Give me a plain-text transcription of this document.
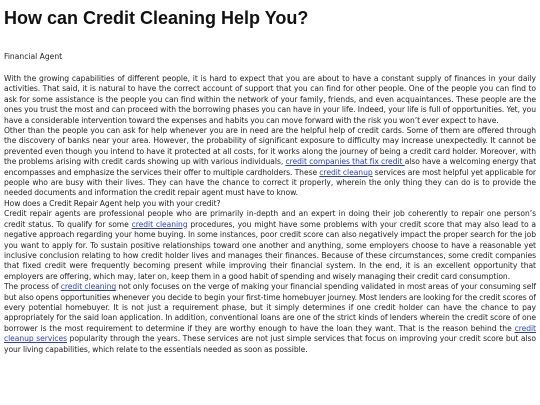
How can Credit Cleaning Help You?
Financial Agent

With the growing capabilities of different people, it is hard to expect that you are about to have a constant supply of finances in your daily activities. That said, it is natural to have the correct account of support that you can find for other people. One of the people you can find to ask for some assistance is the people you can find within the network of your family, friends, and even acquaintances. These people are the ones you trust the most and can proceed with the borrowing phases you can have in your life. Indeed, your life is full of opportunities. Yet, you have a considerable intervention toward the expenses and habits you can move forward with the risk you won’t ever expect to have.

Other than the people you can ask for help whenever you are in need are the helpful help of credit cards. Some of them are offered through the discovery of banks near your area. However, the probability of significant exposure to difficulty may increase unexpectedly. It cannot be prevented even though you intend to have it protected at all costs, for it works along the journey of being a credit card holder. Moreover, with the problems arising with credit cards showing up with various individuals, credit companies that fix credit also have a welcoming energy that encompasses and emphasize the services their offer to multiple cardholders. These credit cleanup services are most helpful yet applicable for people who are busy with their lives. They can have the chance to correct it properly, wherein the only thing they can do is to provide the needed documents and information the credit repair agent must have to know.

How does a Credit Repair Agent help you with your credit?

Credit repair agents are professional people who are primarily in-depth and an expert in doing their job coherently to repair one person’s credit status. To qualify for some credit cleaning procedures, you might have some problems with your credit score that may also lead to a negative approach regarding your home buying. In some instances, poor credit score can also negatively impact the proper search for the job you want to apply for. To sustain positive relationships toward one another and anything, some employers choose to have a reasonable yet inclusive conclusion relating to how credit holder lives and manages their finances. Because of these circumstances, some credit companies that fixed credit were frequently becoming present while improving their financial system. In the end, it is an excellent opportunity that employers are offering, which may, later on, keep them in a good habit of spending and wisely managing their credit card consumption.

The process of credit cleaning not only focuses on the verge of making your financial spending validated in most areas of your consuming self but also opens opportunities whenever you decide to begin your first-time homebuyer journey. Most lenders are looking for the credit scores of every potential homebuyer. It is not just a requirement phase, but it simply determines if one credit holder can have the chance to pay appropriately for the said loan application. In addition, conventional loans are one of the strict kinds of lenders wherein the credit score of one borrower is the most requirement to determine if they are worthy enough to have the loan they want. That is the reason behind the credit cleanup services popularity through the years. These services are not just simple services that focus on improving your credit score but also your living capabilities, which relate to the essentials needed as soon as possible.
